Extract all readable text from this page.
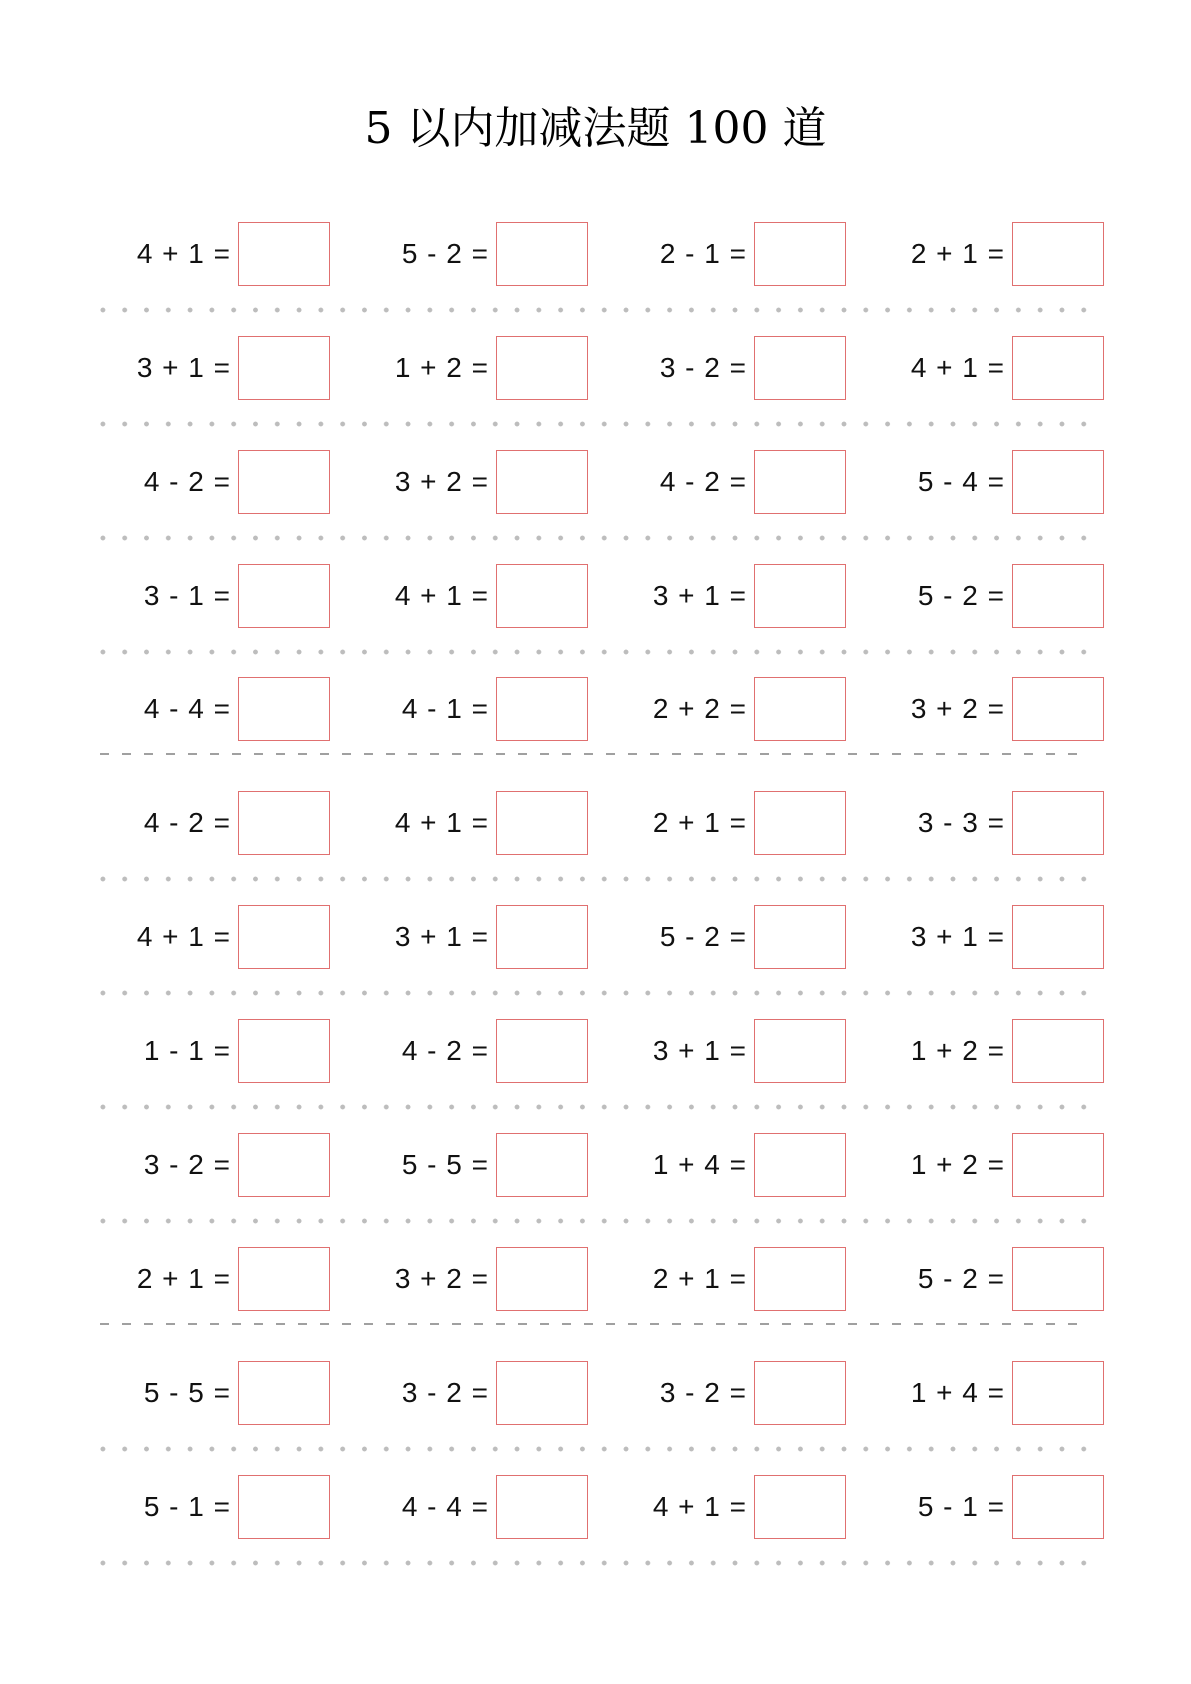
5 以内加减法题 100 道
4 + 1 =	5 - 2 =	2 - 1 =	2 + 1 =
3 + 1 =	1 + 2 =	3 - 2 =	4 + 1 =
4 - 2 =	3 + 2 =	4 - 2 =	5 - 4 =
3 - 1 =	4 + 1 =	3 + 1 =	5 - 2 =
4 - 4 =	4 - 1 =	2 + 2 =	3 + 2 =
4 - 2 =	4 + 1 =	2 + 1 =	3 - 3 =
4 + 1 =	3 + 1 =	5 - 2 =	3 + 1 =
1 - 1 =	4 - 2 =	3 + 1 =	1 + 2 =
3 - 2 =	5 - 5 =	1 + 4 =	1 + 2 =
2 + 1 =	3 + 2 =	2 + 1 =	5 - 2 =
5 - 5 =	3 - 2 =	3 - 2 =	1 + 4 =
5 - 1 =	4 - 4 =	4 + 1 =	5 - 1 =
